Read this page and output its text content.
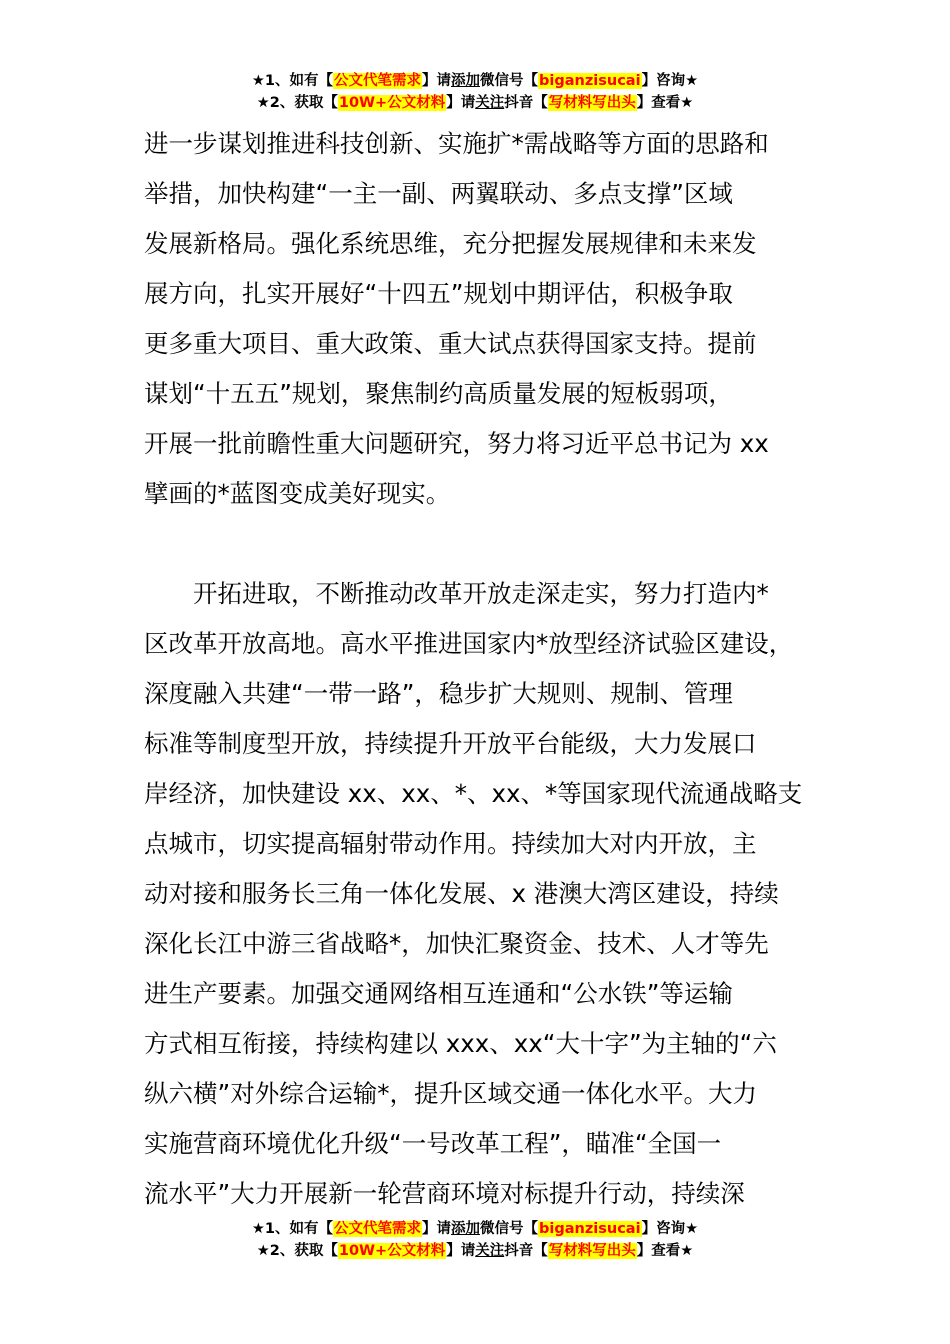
★1、如有【公文代笔需求】请添加微信号【biganzisucai】咨询★
★2、获取【10W+公文材料】请关注抖音【写材料写出头】查看★
进一步谋划推进科技创新、实施扩*需战略等方面的思路和
举措，加快构建“一主一副、两翼联动、多点支撑”区域
发展新格局。强化系统思维，充分把握发展规律和未来发
展方向，扎实开展好“十四五”规划中期评估，积极争取
更多重大项目、重大政策、重大试点获得国家支持。提前
谋划“十五五”规划，聚焦制约高质量发展的短板弱项，
开展一批前瞻性重大问题研究，努力将习近平总书记为 xx
擘画的*蓝图变成美好现实。
　　开拓进取，不断推动改革开放走深走实，努力打造内*
区改革开放高地。高水平推进国家内*放型经济试验区建设，
深度融入共建“一带一路”，稳步扩大规则、规制、管理
标准等制度型开放，持续提升开放平台能级，大力发展口
岸经济，加快建设 xx、xx、*、xx、*等国家现代流通战略支
点城市，切实提高辐射带动作用。持续加大对内开放，主
动对接和服务长三角一体化发展、x 港澳大湾区建设，持续
深化长江中游三省战略*，加快汇聚资金、技术、人才等先
进生产要素。加强交通网络相互连通和“公水铁”等运输
方式相互衔接，持续构建以 xxx、xx“大十字”为主轴的“六
纵六横”对外综合运输*，提升区域交通一体化水平。大力
实施营商环境优化升级“一号改革工程”，瞄准“全国一
流水平”大力开展新一轮营商环境对标提升行动，持续深
★1、如有【公文代笔需求】请添加微信号【biganzisucai】咨询★
★2、获取【10W+公文材料】请关注抖音【写材料写出头】查看★
